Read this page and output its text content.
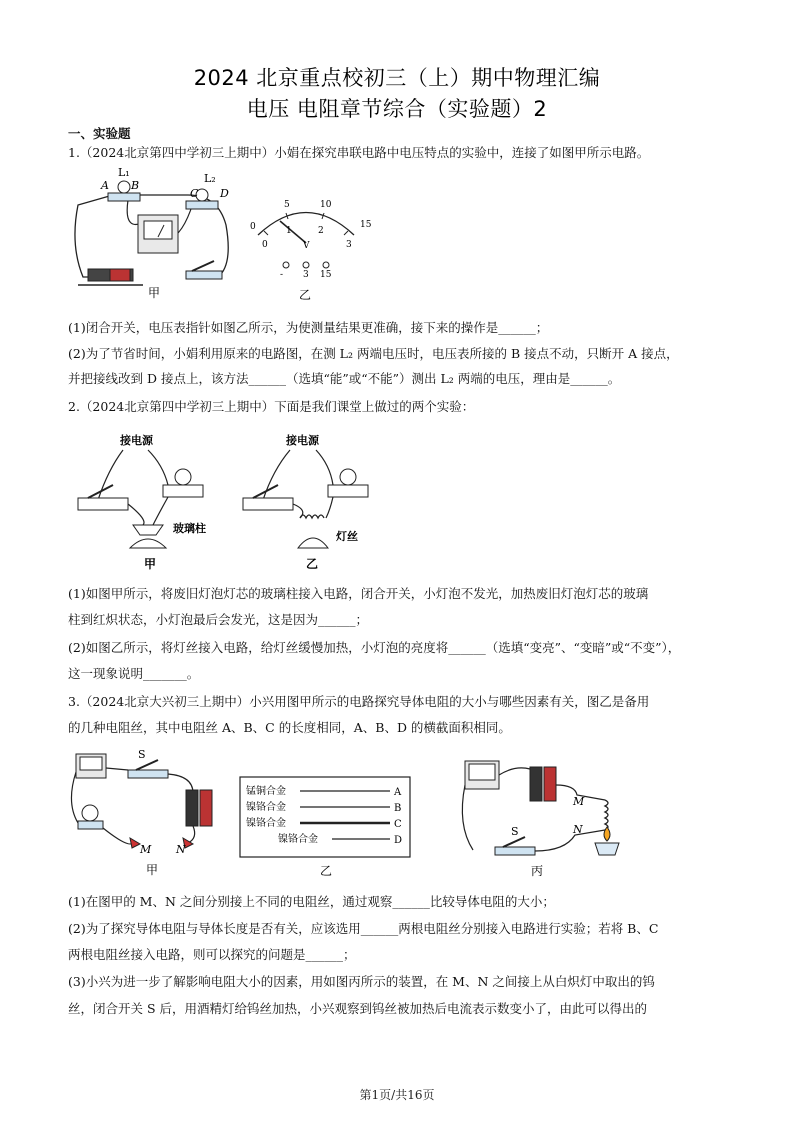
2024 北京重点校初三（上）期中物理汇编
电压 电阻章节综合（实验题）2
一、实验题
1.（2024北京第四中学初三上期中）小娟在探究串联电路中电压特点的实验中，连接了如图甲所示电路。
L₁
A B
L₂
C D
甲
0
5	10
15
0
1	2
3
V
- 3 15
乙
(1)闭合开关，电压表指针如图乙所示，为使测量结果更准确，接下来的操作是______；
(2)为了节省时间，小娟利用原来的电路图，在测 L₂ 两端电压时，电压表所接的 B 接点不动，只断开 A 接点，
并把接线改到 D 接点上，该方法______（选填“能”或“不能”）测出 L₂ 两端的电压，理由是______。
2.（2024北京第四中学初三上期中）下面是我们课堂上做过的两个实验：
接电源
玻璃柱
甲
接电源
灯丝
乙
(1)如图甲所示，将废旧灯泡灯芯的玻璃柱接入电路，闭合开关，小灯泡不发光，加热废旧灯泡灯芯的玻璃
柱到红炽状态，小灯泡最后会发光，这是因为______；
(2)如图乙所示，将灯丝接入电路，给灯丝缓慢加热，小灯泡的亮度将______（选填“变亮”、“变暗”或“不变”），
这一现象说明_______。
3.（2024北京大兴初三上期中）小兴用图甲所示的电路探究导体电阻的大小与哪些因素有关，图乙是备用
的几种电阻丝，其中电阻丝 A、B、C 的长度相同，A、B、D 的横截面积相同。
S
M N
甲
锰铜合金	A
镍铬合金	B
镍铬合金	C
镍铬合金	D
乙
S
M
N
丙
(1)在图甲的 M、N 之间分别接上不同的电阻丝，通过观察______比较导体电阻的大小；
(2)为了探究导体电阻与导体长度是否有关，应该选用______两根电阻丝分别接入电路进行实验；若将 B、C
两根电阻丝接入电路，则可以探究的问题是______；
(3)小兴为进一步了解影响电阻大小的因素，用如图丙所示的装置，在 M、N 之间接上从白炽灯中取出的钨
丝，闭合开关 S 后，用酒精灯给钨丝加热，小兴观察到钨丝被加热后电流表示数变小了，由此可以得出的
第1页/共16页
